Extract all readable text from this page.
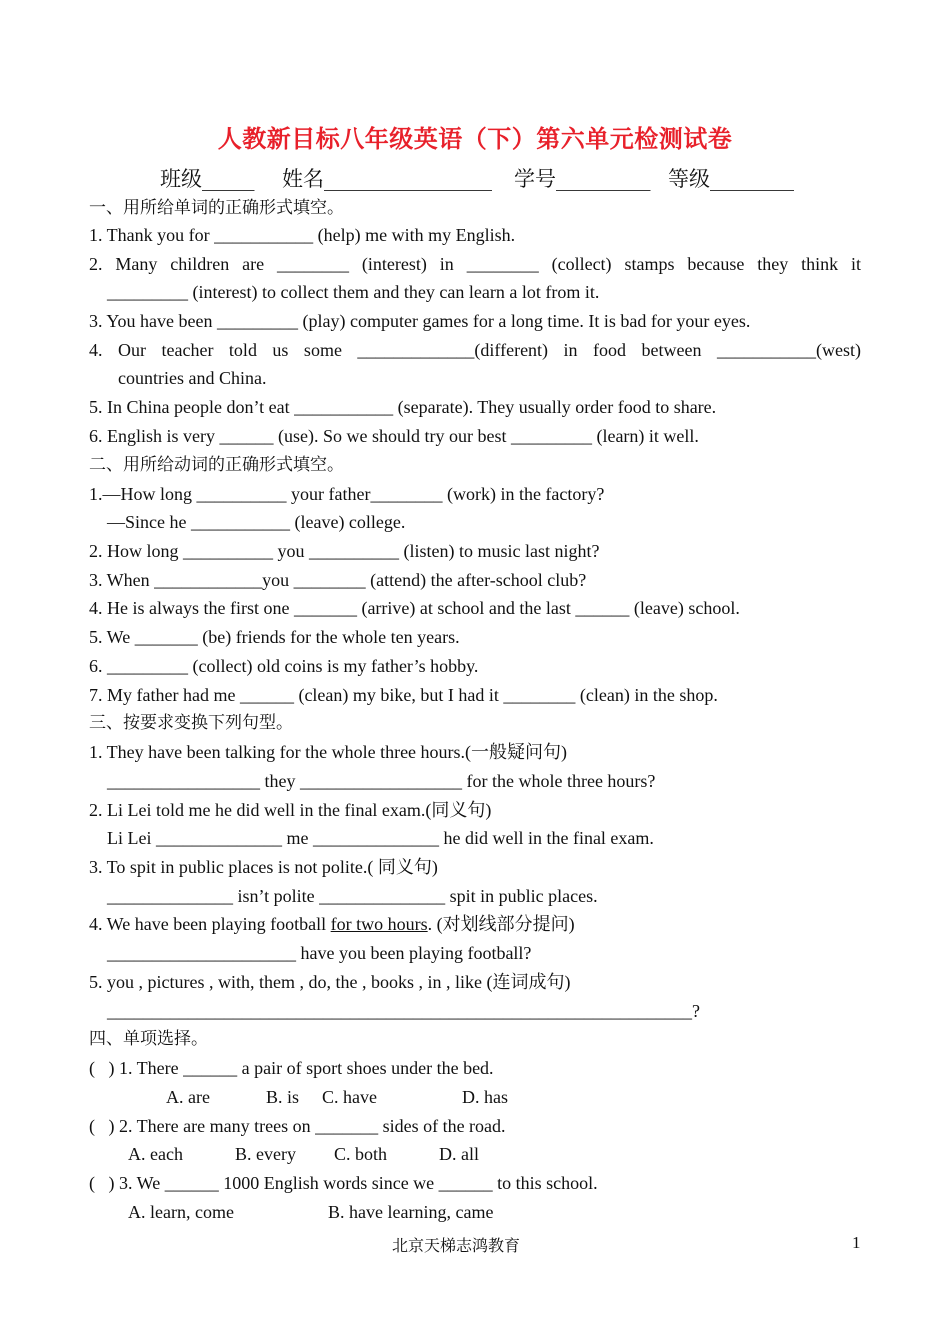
人教新目标八年级英语（下）第六单元检测试卷
班级_____ 姓名________________ 学号_________ 等级________
一、用所给单词的正确形式填空。
1. Thank you for ___________ (help) me with my English.
2. Many children are ________ (interest) in ________ (collect) stamps because they think it
_________ (interest) to collect them and they can learn a lot from it.
3. You have been _________ (play) computer games for a long time. It is bad for your eyes.
4. Our teacher told us some _____________(different) in food between ___________(west)
countries and China.
5. In China people don’t eat ___________ (separate). They usually order food to share.
6. English is very ______ (use). So we should try our best _________ (learn) it well.
二、用所给动词的正确形式填空。
1.—How long __________ your father________ (work) in the factory?
—Since he ___________ (leave) college.
2. How long __________ you __________ (listen) to music last night?
3. When ____________you ________ (attend) the after-school club?
4. He is always the first one _______ (arrive) at school and the last ______ (leave) school.
5. We _______ (be) friends for the whole ten years.
6. _________ (collect) old coins is my father’s hobby.
7. My father had me ______ (clean) my bike, but I had it ________ (clean) in the shop.
三、按要求变换下列句型。
1. They have been talking for the whole three hours.(一般疑问句)
_________________ they __________________ for the whole three hours?
2. Li Lei told me he did well in the final exam.(同义句)
Li Lei ______________ me ______________ he did well in the final exam.
3. To spit in public places is not polite.( 同义句)
______________ isn’t polite ______________ spit in public places.
4. We have been playing football for two hours. (对划线部分提问)
_____________________ have you been playing football?
5. you , pictures , with, them , do, the , books , in , like (连词成句)
_________________________________________________________________?
四、单项选择。
(   ) 1. There ______ a pair of sport shoes under the bed.
A. are	B. is C. have	D. has
(   ) 2. There are many trees on _______ sides of the road.
A. each	B. every C. both	D. all
(   ) 3. We ______ 1000 English words since we ______ to this school.
A. learn, come	B. have learning, came
北京天梯志鸿教育	1
